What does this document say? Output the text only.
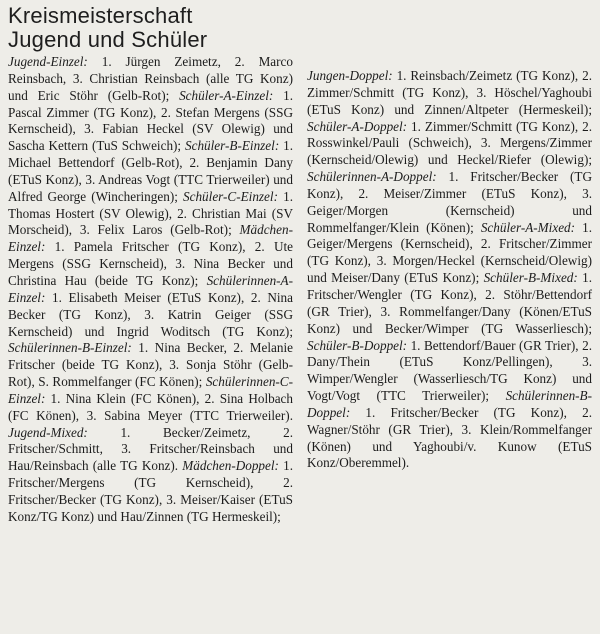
Kreismeisterschaft
Jugend und Schüler

Jugend-Einzel: 1. Jürgen Zeimetz, 2. Marco Reinsbach, 3. Christian Reinsbach (alle TG Konz) und Eric Stöhr (Gelb-Rot); Schüler-A-Einzel: 1. Pascal Zimmer (TG Konz), 2. Stefan Mergens (SSG Kernscheid), 3. Fabian Heckel (SV Olewig) und Sascha Kettern (TuS Schweich); Schüler-B-Einzel: 1. Michael Bettendorf (Gelb-Rot), 2. Benjamin Dany (ETuS Konz), 3. Andreas Vogt (TTC Trierweiler) und Alfred George (Wincheringen); Schüler-C-Einzel: 1. Thomas Hostert (SV Olewig), 2. Christian Mai (SV Morscheid), 3. Felix Laros (Gelb-Rot); Mädchen-Einzel: 1. Pamela Fritscher (TG Konz), 2. Ute Mergens (SSG Kernscheid), 3. Nina Becker und Christina Hau (beide TG Konz); Schülerinnen-A-Einzel: 1. Elisabeth Meiser (ETuS Konz), 2. Nina Becker (TG Konz), 3. Katrin Geiger (SSG Kernscheid) und Ingrid Woditsch (TG Konz); Schülerinnen-B-Einzel: 1. Nina Becker, 2. Melanie Fritscher (beide TG Konz), 3. Sonja Stöhr (Gelb-Rot), S. Rommelfanger (FC Könen); Schülerinnen-C-Einzel: 1. Nina Klein (FC Könen), 2. Sina Holbach (FC Könen), 3. Sabina Meyer (TTC Trierweiler). Jugend-Mixed: 1. Becker/Zeimetz, 2. Fritscher/Schmitt, 3. Fritscher/Reinsbach und Hau/Reinsbach (alle TG Konz). Mädchen-Doppel: 1. Fritscher/Mergens (TG Kernscheid), 2. Fritscher/Becker (TG Konz), 3. Meiser/Kaiser (ETuS Konz/TG Konz) und Hau/Zinnen (TG Hermeskeil);

Jungen-Doppel: 1. Reinsbach/Zeimetz (TG Konz), 2. Zimmer/Schmitt (TG Konz), 3. Höschel/Yaghoubi (ETuS Konz) und Zinnen/Altpeter (Hermeskeil); Schüler-A-Doppel: 1. Zimmer/Schmitt (TG Konz), 2. Rosswinkel/Pauli (Schweich), 3. Mergens/Zimmer (Kernscheid/Olewig) und Heckel/Riefer (Olewig); Schülerinnen-A-Doppel: 1. Fritscher/Becker (TG Konz), 2. Meiser/Zimmer (ETuS Konz), 3. Geiger/Morgen (Kernscheid) und Rommelfanger/Klein (Könen); Schüler-A-Mixed: 1. Geiger/Mergens (Kernscheid), 2. Fritscher/Zimmer (TG Konz), 3. Morgen/Heckel (Kernscheid/Olewig) und Meiser/Dany (ETuS Konz); Schüler-B-Mixed: 1. Fritscher/Wengler (TG Konz), 2. Stöhr/Bettendorf (GR Trier), 3. Rommelfanger/Dany (Könen/ETuS Konz) und Becker/Wimper (TG Wasserliesch); Schüler-B-Doppel: 1. Bettendorf/Bauer (GR Trier), 2. Dany/Thein (ETuS Konz/Pellingen), 3. Wimper/Wengler (Wasserliesch/TG Konz) und Vogt/Vogt (TTC Trierweiler); Schülerinnen-B-Doppel: 1. Fritscher/Becker (TG Konz), 2. Wagner/Stöhr (GR Trier), 3. Klein/Rommelfanger (Könen) und Yaghoubi/v. Kunow (ETuS Konz/Oberemmel).
